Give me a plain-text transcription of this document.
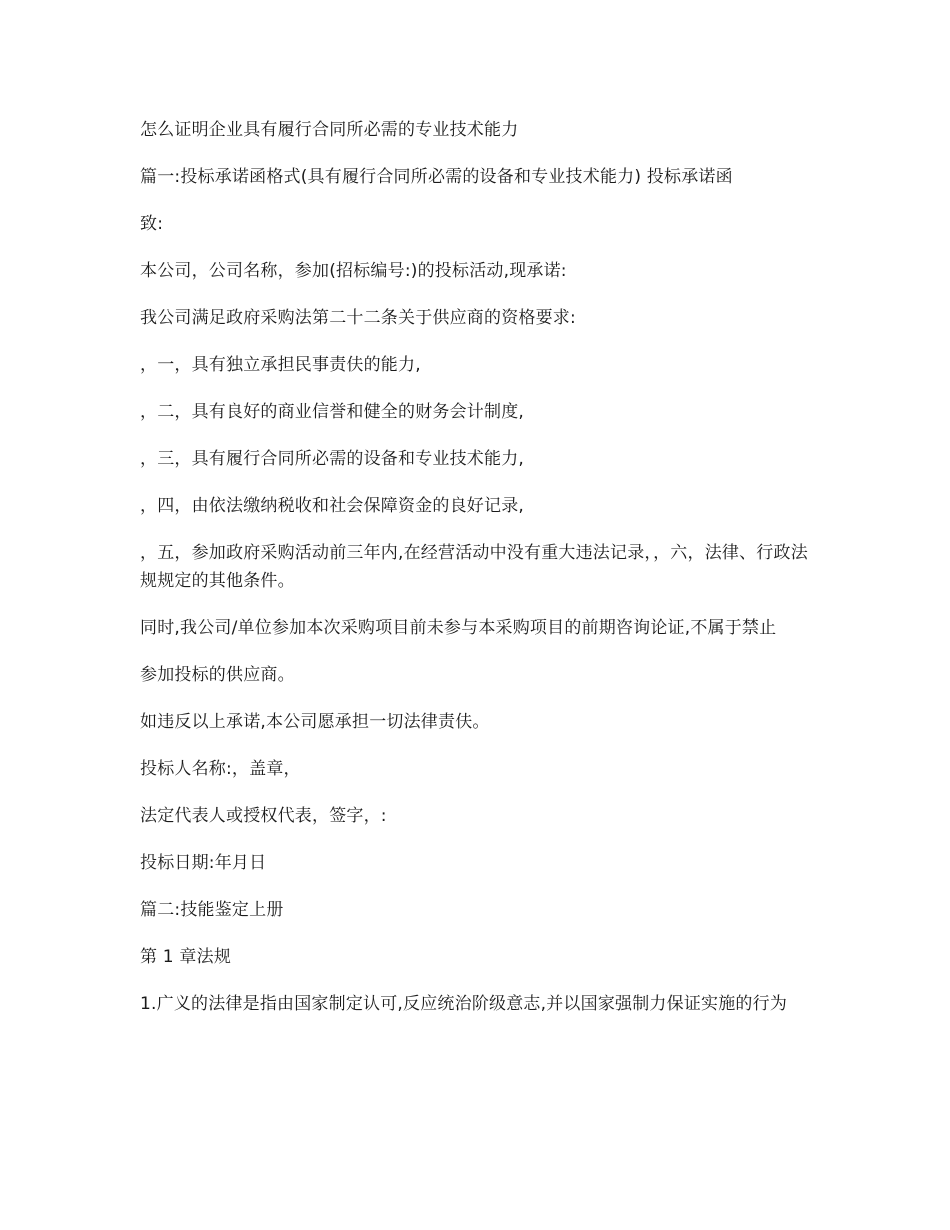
怎么证明企业具有履行合同所必需的专业技术能力

篇一:投标承诺函格式(具有履行合同所必需的设备和专业技术能力) 投标承诺函

致:

本公司，公司名称，参加(招标编号:)的投标活动,现承诺:

我公司满足政府采购法第二十二条关于供应商的资格要求:

，一，具有独立承担民事责伕的能力,

，二，具有良好的商业信誉和健全的财务会计制度,

，三，具有履行合同所必需的设备和专业技术能力,

，四，由依法缴纳税收和社会保障资金的良好记录,

，五，参加政府采购活动前三年内,在经营活动中没有重大违法记录，，六，法律、行政法规规定的其他条件。

同时,我公司/单位参加本次采购项目前未参与本采购项目的前期咨询论证,不属于禁止

参加投标的供应商。

如违反以上承诺,本公司愿承担一切法律责伕。

投标人名称:，盖章，

法定代表人或授权代表，签字，:

投标日期:年月日

篇二:技能鉴定上册

第 1 章法规

1.广义的法律是指由国家制定认可,反应统治阶级意志,并以国家强制力保证实施的行为
